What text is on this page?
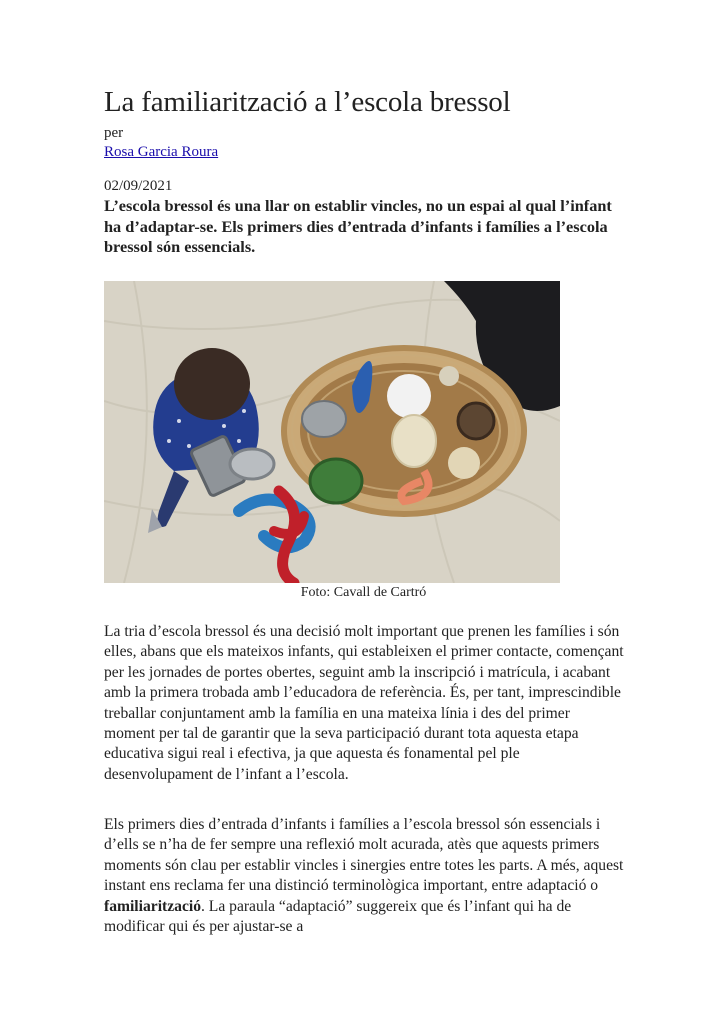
La familiarització a l’escola bressol
per
Rosa Garcia Roura
02/09/2021

L’escola bressol és una llar on establir vincles, no un espai al qual l’infant ha d’adaptar-se. Els primers dies d’entrada d’infants i famílies a l’escola bressol són essencials.

Foto: Cavall de Cartró

La tria d’escola bressol és una decisió molt important que prenen les famílies i són elles, abans que els mateixos infants, qui estableixen el primer contacte, començant per les jornades de portes obertes, seguint amb la inscripció i matrícula, i acabant amb la primera trobada amb l’educadora de referència. És, per tant, imprescindible treballar conjuntament amb la família en una mateixa línia i des del primer moment per tal de garantir que la seva participació durant tota aquesta etapa educativa sigui real i efectiva, ja que aquesta és fonamental pel ple desenvolupament de l’infant a l’escola.

Els primers dies d’entrada d’infants i famílies a l’escola bressol són essencials i d’ells se n’ha de fer sempre una reflexió molt acurada, atès que aquests primers moments són clau per establir vincles i sinergies entre totes les parts. A més, aquest instant ens reclama fer una distinció terminològica important, entre adaptació o familiarització. La paraula “adaptació” suggereix que és l’infant qui ha de modificar qui és per ajustar-se a
